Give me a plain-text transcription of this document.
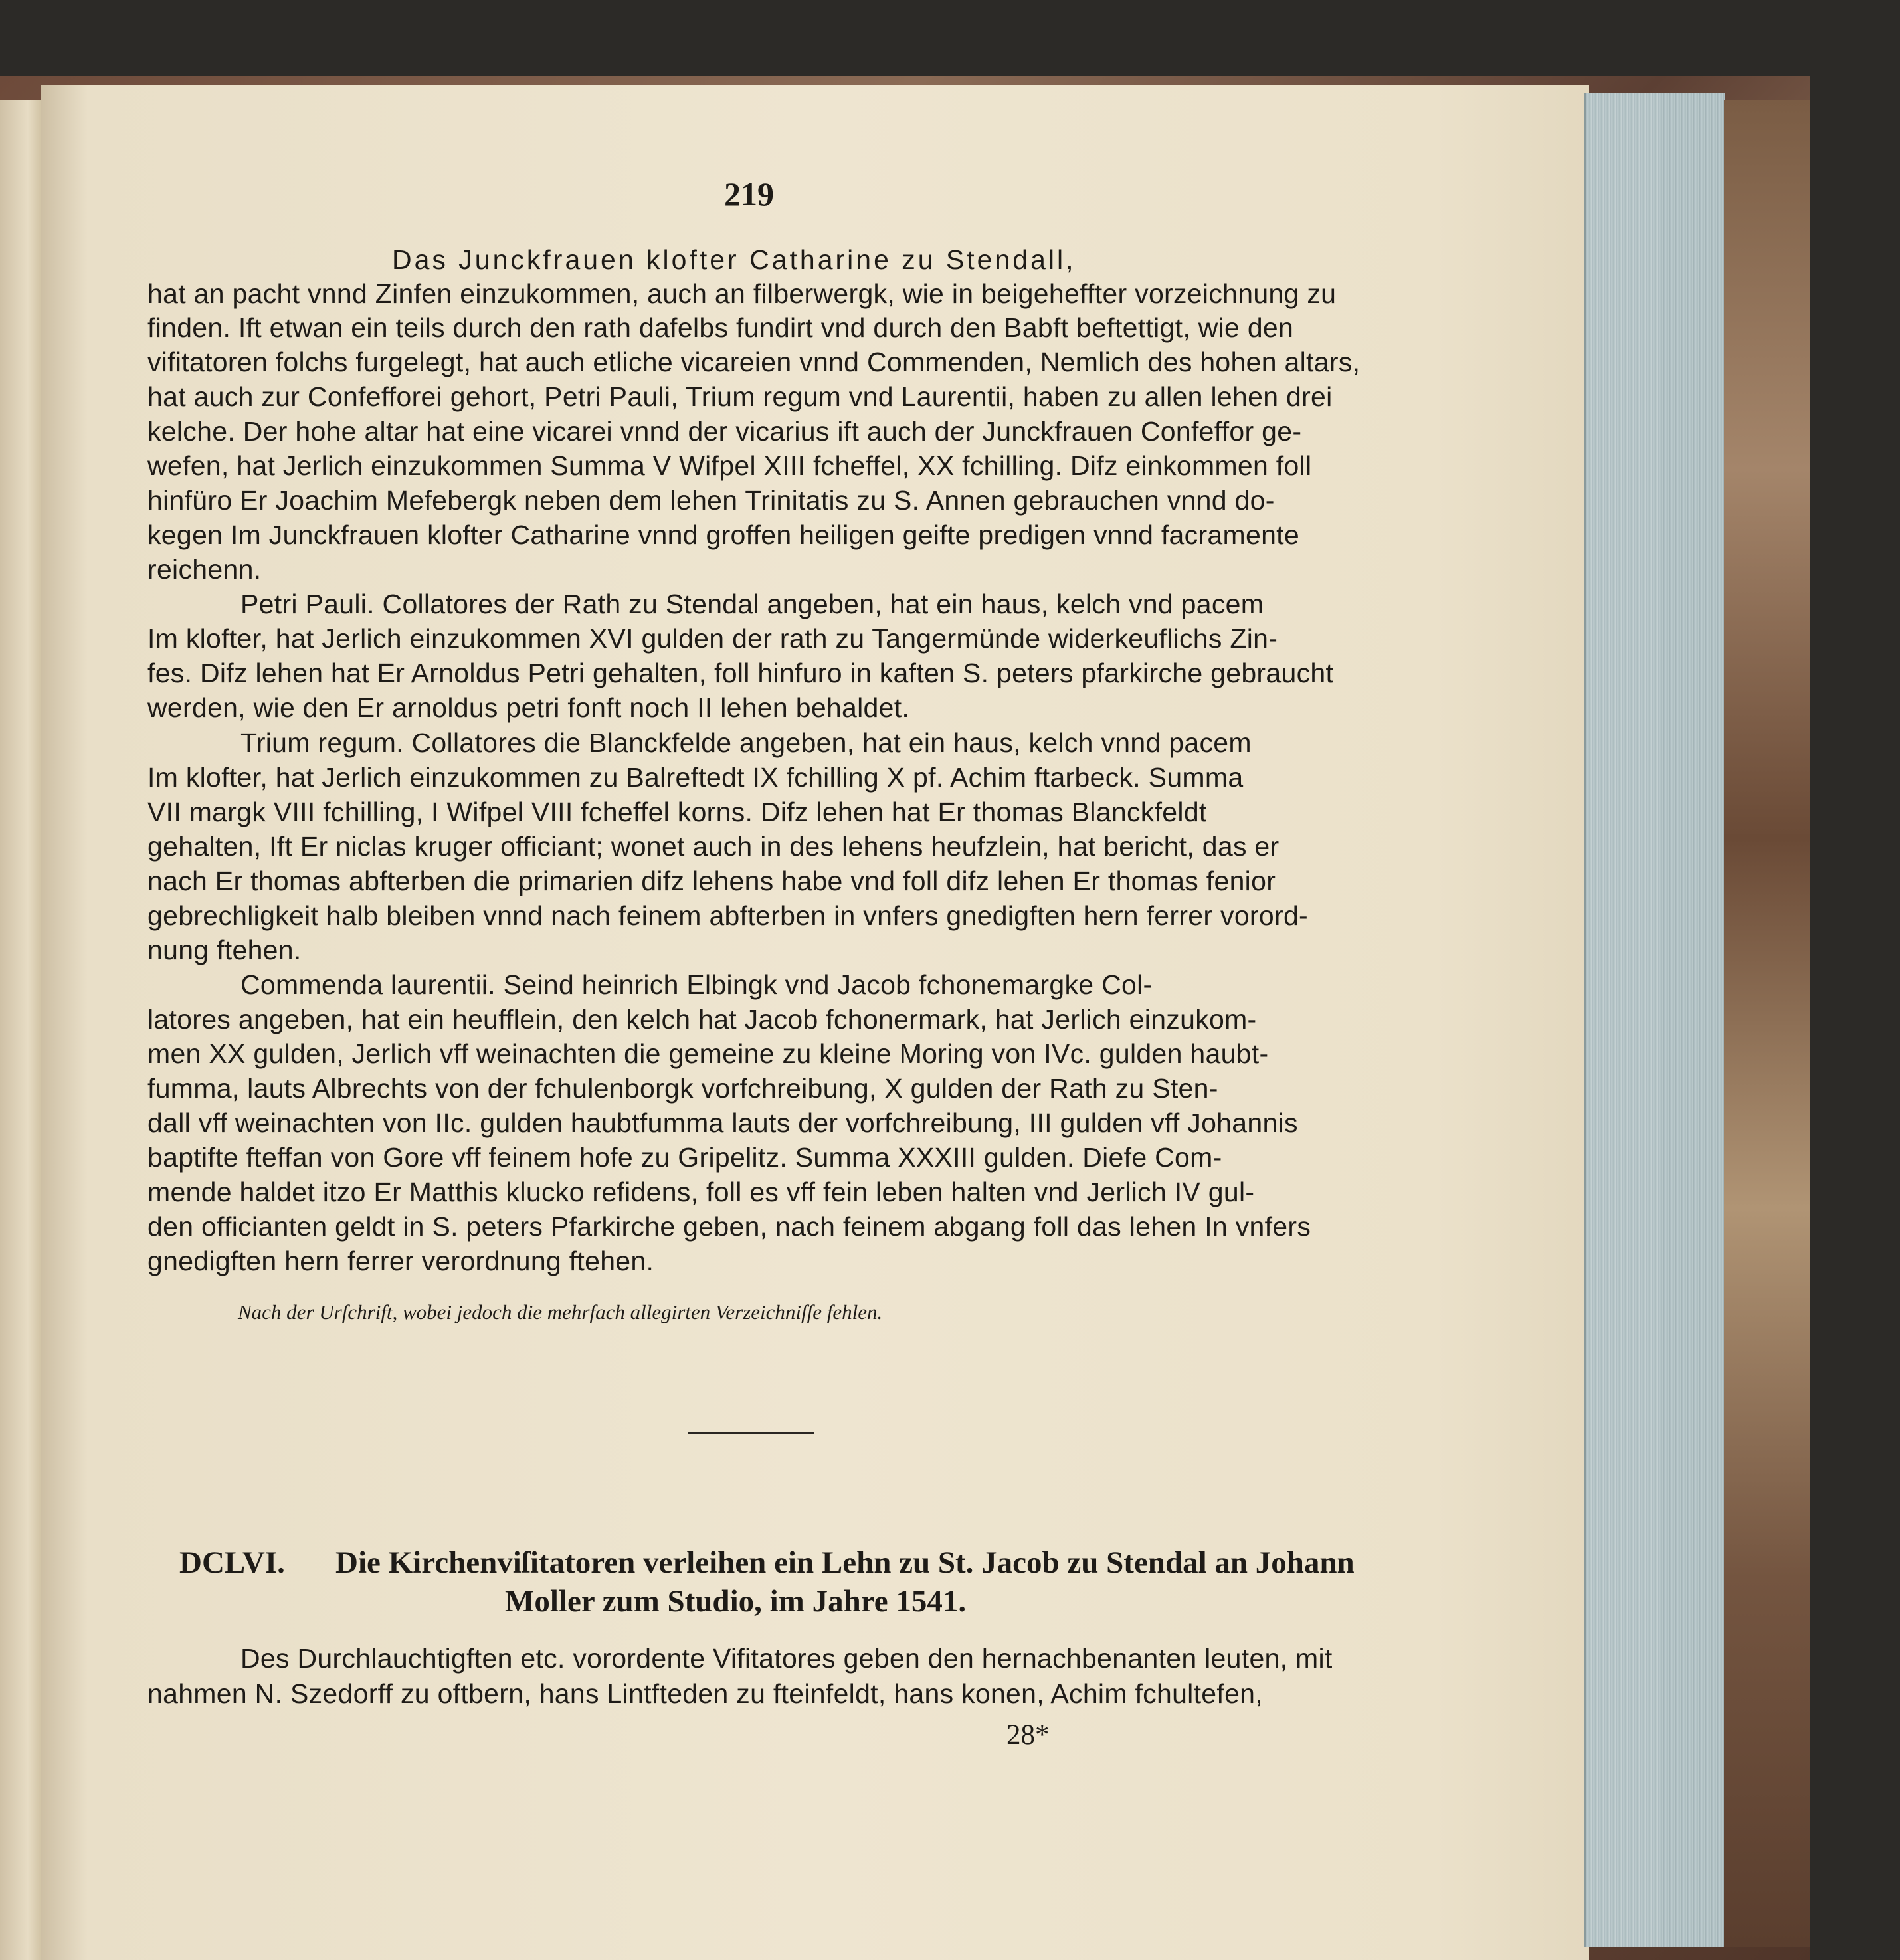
219
Das Junckfrauen klofter Catharine zu Stendall,
hat an pacht vnnd Zinfen einzukommen, auch an filberwergk, wie in beigeheffter vorzeichnung zu
finden. Ift etwan ein teils durch den rath dafelbs fundirt vnd durch den Babft beftettigt, wie den
vifitatoren folchs furgelegt, hat auch etliche vicareien vnnd Commenden, Nemlich des hohen altars,
hat auch zur Confefforei gehort, Petri Pauli, Trium regum vnd Laurentii, haben zu allen lehen drei
kelche. Der hohe altar hat eine vicarei vnnd der vicarius ift auch der Junckfrauen Confeffor ge-
wefen, hat Jerlich einzukommen Summa V Wifpel XIII fcheffel, XX fchilling. Difz einkommen foll
hinfüro Er Joachim Mefebergk neben dem lehen Trinitatis zu S. Annen gebrauchen vnnd do-
kegen Im Junckfrauen klofter Catharine vnnd groffen heiligen geifte predigen vnnd facramente
reichenn.
Petri Pauli. Collatores der Rath zu Stendal angeben, hat ein haus, kelch vnd pacem
Im klofter, hat Jerlich einzukommen XVI gulden der rath zu Tangermünde widerkeuflichs Zin-
fes. Difz lehen hat Er Arnoldus Petri gehalten, foll hinfuro in kaften S. peters pfarkirche gebraucht
werden, wie den Er arnoldus petri fonft noch II lehen behaldet.
Trium regum. Collatores die Blanckfelde angeben, hat ein haus, kelch vnnd pacem
Im klofter, hat Jerlich einzukommen zu Balreftedt IX fchilling X pf. Achim ftarbeck. Summa
VII margk VIII fchilling, I Wifpel VIII fcheffel korns. Difz lehen hat Er thomas Blanckfeldt
gehalten, Ift Er niclas kruger officiant; wonet auch in des lehens heufzlein, hat bericht, das er
nach Er thomas abfterben die primarien difz lehens habe vnd foll difz lehen Er thomas fenior
gebrechligkeit halb bleiben vnnd nach feinem abfterben in vnfers gnedigften hern ferrer vorord-
nung ftehen.
Commenda laurentii. Seind heinrich Elbingk vnd Jacob fchonemargke Col-
latores angeben, hat ein heufflein, den kelch hat Jacob fchonermark, hat Jerlich einzukom-
men XX gulden, Jerlich vff weinachten die gemeine zu kleine Moring von IVc. gulden haubt-
fumma, lauts Albrechts von der fchulenborgk vorfchreibung, X gulden der Rath zu Sten-
dall vff weinachten von IIc. gulden haubtfumma lauts der vorfchreibung, III gulden vff Johannis
baptifte fteffan von Gore vff feinem hofe zu Gripelitz. Summa XXXIII gulden. Diefe Com-
mende haldet itzo Er Matthis klucko refidens, foll es vff fein leben halten vnd Jerlich IV gul-
den officianten geldt in S. peters Pfarkirche geben, nach feinem abgang foll das lehen In vnfers
gnedigften hern ferrer verordnung ftehen.
Nach der Urſchrift, wobei jedoch die mehrfach allegirten Verzeichniſſe fehlen.
DCLVI. Die Kirchenviſitatoren verleihen ein Lehn zu St. Jacob zu Stendal an Johann
Moller zum Studio, im Jahre 1541.
Des Durchlauchtigften etc. vorordente Vifitatores geben den hernachbenanten leuten, mit
nahmen N. Szedorff zu oftbern, hans Lintfteden zu fteinfeldt, hans konen, Achim fchultefen,
28*
